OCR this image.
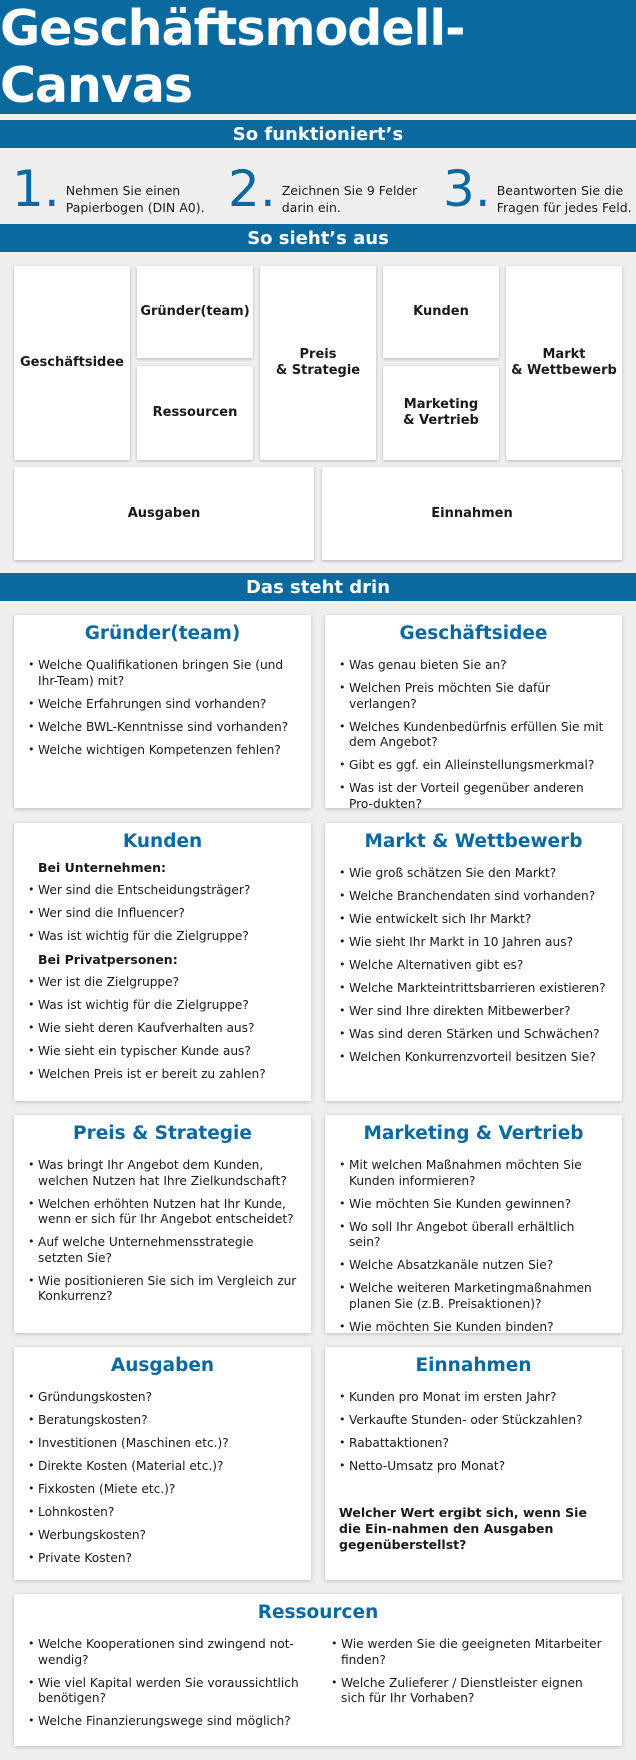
Geschäftsmodell-Canvas
So funktioniert’s
1 . Nehmen Sie einen
Papierbogen (DIN A0). 2 . Zeichnen Sie 9 Felder
darin ein.	3 . Beantworten Sie die
Fragen für jedes Feld.
So sieht’s aus
Geschäftsidee
Gründer(team)
Ressourcen
Preis
& Strategie
Kunden
Marketing
& Vertrieb
Markt
& Wettbewerb
Ausgaben	Einnahmen
Das steht drin
Gründer(team)
• Welche Qualifikationen bringen Sie (und Ihr-Team) mit?
• Welche Erfahrungen sind vorhanden?
• Welche BWL-Kenntnisse sind vorhanden?
• Welche wichtigen Kompetenzen fehlen?
Geschäftsidee
• Was genau bieten Sie an?
• Welchen Preis möchten Sie dafür verlangen?
• Welches Kundenbedürfnis erfüllen Sie mit dem Angebot?
• Gibt es ggf. ein Alleinstellungsmerkmal?
• Was ist der Vorteil gegenüber anderen Pro-dukten?
Kunden
Bei Unternehmen:
• Wer sind die Entscheidungsträger?
• Wer sind die Influencer?
• Was ist wichtig für die Zielgruppe?
Bei Privatpersonen:
• Wer ist die Zielgruppe?
• Was ist wichtig für die Zielgruppe?
• Wie sieht deren Kaufverhalten aus?
• Wie sieht ein typischer Kunde aus?
• Welchen Preis ist er bereit zu zahlen?
Markt & Wettbewerb
• Wie groß schätzen Sie den Markt?
• Welche Branchendaten sind vorhanden?
• Wie entwickelt sich Ihr Markt?
• Wie sieht Ihr Markt in 10 Jahren aus?
• Welche Alternativen gibt es?
• Welche Markteintrittsbarrieren existieren?
• Wer sind Ihre direkten Mitbewerber?
• Was sind deren Stärken und Schwächen?
• Welchen Konkurrenzvorteil besitzen Sie?
Preis & Strategie
• Was bringt Ihr Angebot dem Kunden, welchen Nutzen hat Ihre Zielkundschaft?
• Welchen erhöhten Nutzen hat Ihr Kunde, wenn er sich für Ihr Angebot entscheidet?
• Auf welche Unternehmensstrategie setzten Sie?
• Wie positionieren Sie sich im Vergleich zur Konkurrenz?
Marketing & Vertrieb
• Mit welchen Maßnahmen möchten Sie Kunden informieren?
• Wie möchten Sie Kunden gewinnen?
• Wo soll Ihr Angebot überall erhältlich sein?
• Welche Absatzkanäle nutzen Sie?
• Welche weiteren Marketingmaßnahmen planen Sie (z.B. Preisaktionen)?
• Wie möchten Sie Kunden binden?
Ausgaben
• Gründungskosten?
• Beratungskosten?
• Investitionen (Maschinen etc.)?
• Direkte Kosten (Material etc.)?
• Fixkosten (Miete etc.)?
• Lohnkosten?
• Werbungskosten?
• Private Kosten?
Einnahmen
• Kunden pro Monat im ersten Jahr?
• Verkaufte Stunden- oder Stückzahlen?
• Rabattaktionen?
• Netto-Umsatz pro Monat?
Welcher Wert ergibt sich, wenn Sie die Ein-nahmen den Ausgaben gegenüberstellst?
Ressourcen
• Welche Kooperationen sind zwingend not-wendig?
• Wie viel Kapital werden Sie voraussichtlich benötigen?
• Welche Finanzierungswege sind möglich?
• Wie werden Sie die geeigneten Mitarbeiter finden?
• Welche Zulieferer / Dienstleister eignen sich für Ihr Vorhaben?
